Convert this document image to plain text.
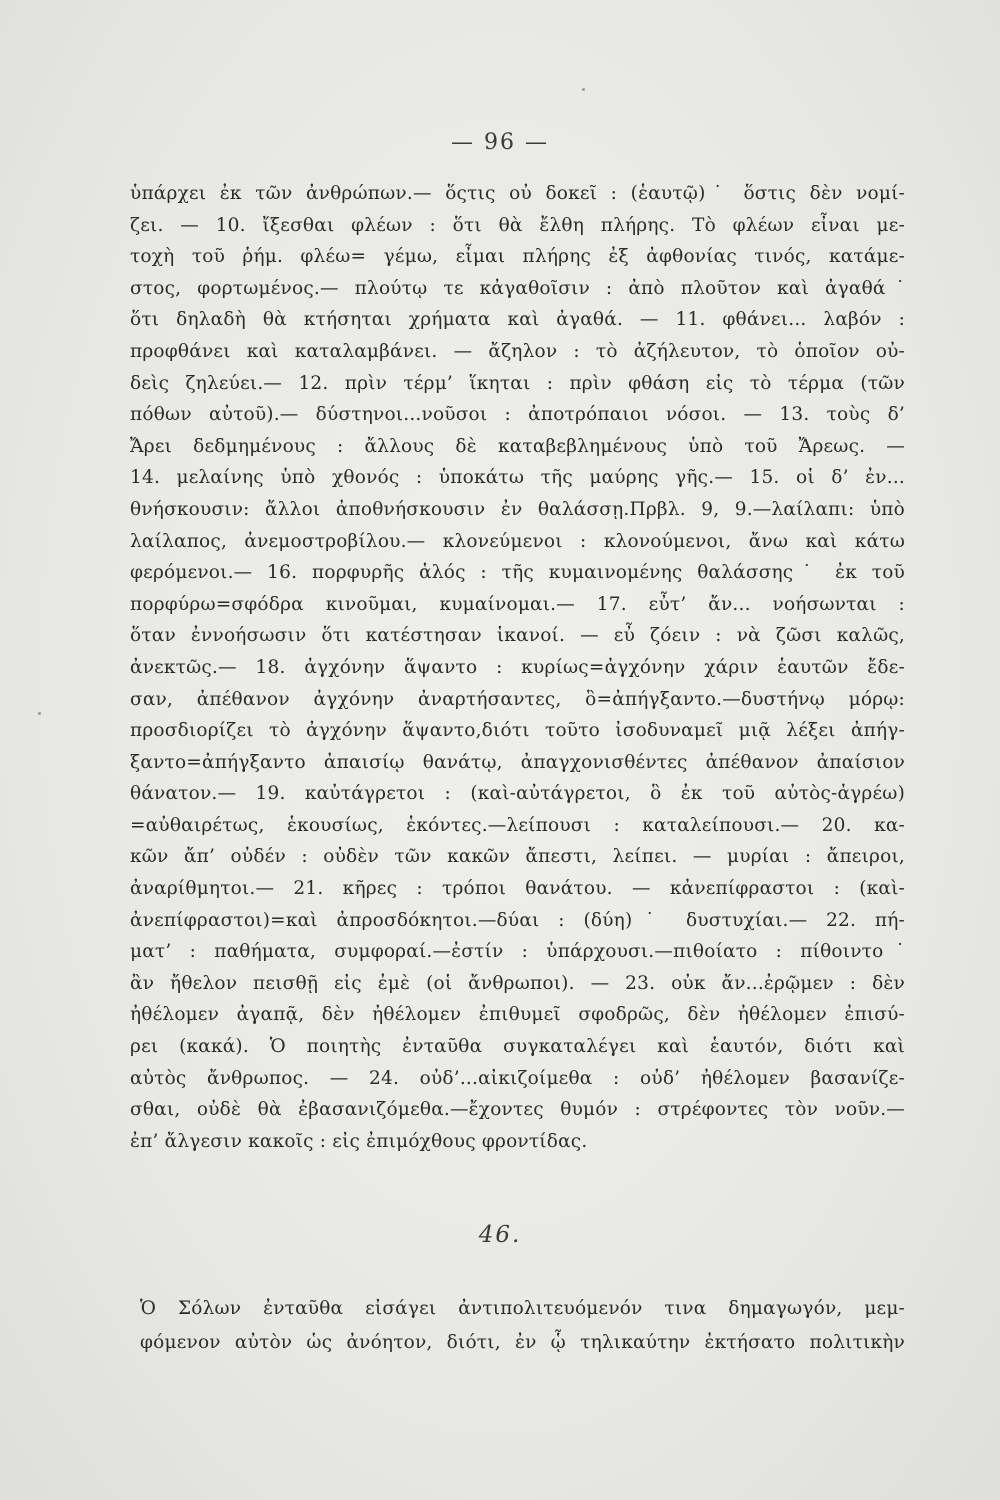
— 96 —
ὑπάρχει ἐκ τῶν ἀνθρώπων.— ὅςτις οὐ δοκεῖ : (ἑαυτῷ)˙ ὅστις δὲν νομί-
ζει. — 10. ἴξεσθαι φλέων : ὅτι θὰ ἔλθη πλήρης. Τὸ φλέων εἶναι με-
τοχὴ τοῦ ῥήμ. φλέω= γέμω, εἶμαι πλήρης ἐξ ἀφθονίας τινός, κατάμε-
στος, φορτωμένος.— πλούτῳ τε κἀγαθοῖσιν : ἀπὸ πλοῦτον καὶ ἀγαθά˙
ὅτι δηλαδὴ θὰ κτήσηται χρήματα καὶ ἀγαθά. — 11. φθάνει... λαβόν :
προφθάνει καὶ καταλαμβάνει. — ἄζηλον : τὸ ἀζήλευτον, τὸ ὁποῖον οὐ-
δεὶς ζηλεύει.— 12. πρὶν τέρμ’ ἵκηται : πρὶν φθάση εἰς τὸ τέρμα (τῶν
πόθων αὐτοῦ).— δύστηνοι...νοῦσοι : ἀποτρόπαιοι νόσοι. — 13. τοὺς δ’
Ἄρει δεδμημένους : ἄλλους δὲ καταβεβλημένους ὑπὸ τοῦ Ἄρεως. —
14. μελαίνης ὑπὸ χθονός : ὑποκάτω τῆς μαύρης γῆς.— 15. οἱ δ’ ἐν...
θνήσκουσιν: ἄλλοι ἀποθνήσκουσιν ἐν θαλάσσῃ.Πρβλ. 9, 9.—λαίλαπι: ὑπὸ
λαίλαπος, ἀνεμοστροβίλου.— κλονεύμενοι : κλονούμενοι, ἄνω καὶ κάτω
φερόμενοι.— 16. πορφυρῆς ἁλός : τῆς κυμαινομένης θαλάσσης˙ ἐκ τοῦ
πορφύρω=σφόδρα κινοῦμαι, κυμαίνομαι.— 17. εὖτ’ ἄν... νοήσωνται :
ὅταν ἐννοήσωσιν ὅτι κατέστησαν ἱκανοί. — εὖ ζόειν : νὰ ζῶσι καλῶς,
ἀνεκτῶς.— 18. ἀγχόνην ἅψαντο : κυρίως=ἀγχόνην χάριν ἑαυτῶν ἔδε-
σαν, ἀπέθανον ἀγχόνην ἀναρτήσαντες, ὃ=ἀπήγξαντο.—δυστήνῳ μόρῳ:
προσδιορίζει τὸ ἀγχόνην ἅψαντο,διότι τοῦτο ἰσοδυναμεῖ μιᾷ λέξει ἀπήγ-
ξαντο=ἀπήγξαντο ἀπαισίῳ θανάτῳ, ἀπαγχονισθέντες ἀπέθανον ἀπαίσιον
θάνατον.— 19. καὐτάγρετοι : (καὶ-αὐτάγρετοι, ὃ ἐκ τοῦ αὐτὸς-ἀγρέω)
=αὐθαιρέτως, ἑκουσίως, ἑκόντες.—λείπουσι : καταλείπουσι.— 20. κα-
κῶν ἄπ’ οὐδέν : οὐδὲν τῶν κακῶν ἄπεστι, λείπει. — μυρίαι : ἄπειροι,
ἀναρίθμητοι.— 21. κῆρες : τρόποι θανάτου. — κἀνεπίφραστοι : (καὶ-
ἀνεπίφραστοι)=καὶ ἀπροσδόκητοι.—δύαι : (δύη)˙ δυστυχίαι.— 22. πή-
ματ’ : παθήματα, συμφοραί.—ἐστίν : ὑπάρχουσι.—πιθοίατο : πίθοιντο˙
ἂν ἤθελον πεισθῇ εἰς ἐμὲ (οἱ ἄνθρωποι). — 23. οὐκ ἄν...ἐρῷμεν : δὲν
ἠθέλομεν ἀγαπᾷ, δὲν ἠθέλομεν ἐπιθυμεῖ σφοδρῶς, δὲν ἠθέλομεν ἐπισύ-
ρει (κακά). Ὁ ποιητὴς ἐνταῦθα συγκαταλέγει καὶ ἑαυτόν, διότι καὶ
αὐτὸς ἄνθρωπος. — 24. οὐδ’...αἰκιζοίμεθα : οὐδ’ ἠθέλομεν βασανίζε-
σθαι, οὐδὲ θὰ ἐβασανιζόμεθα.—ἔχοντες θυμόν : στρέφοντες τὸν νοῦν.—
ἐπ’ ἄλγεσιν κακοῖς : εἰς ἐπιμόχθους φροντίδας.
46.
Ὁ Σόλων ἐνταῦθα εἰσάγει ἀντιπολιτευόμενόν τινα δημαγωγόν, μεμ-
φόμενον αὐτὸν ὡς ἀνόητον, διότι, ἐν ᾧ τηλικαύτην ἐκτήσατο πολιτικὴν
